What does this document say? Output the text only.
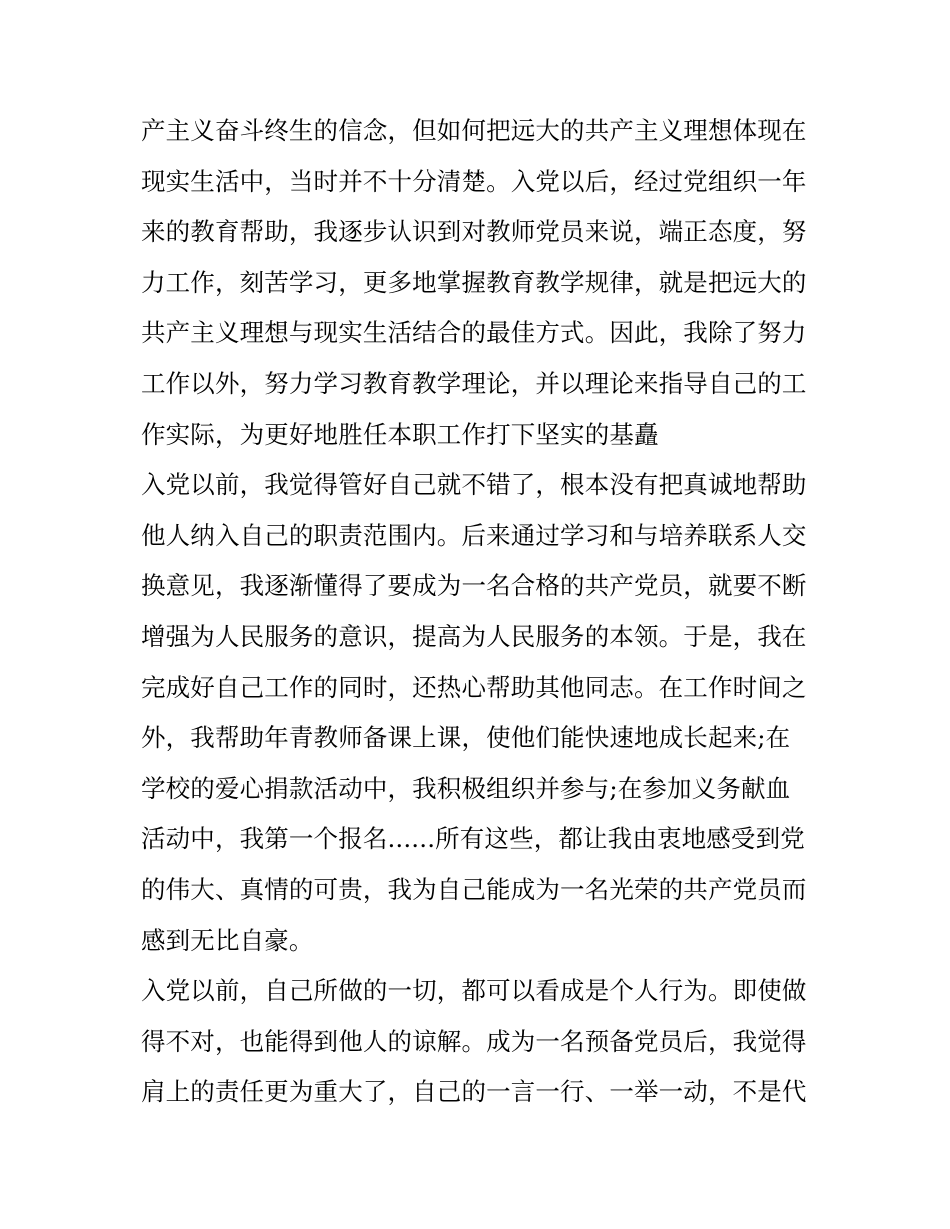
产主义奋斗终生的信念，但如何把远大的共产主义理想体现在
现实生活中，当时并不十分清楚。入党以后，经过党组织一年
来的教育帮助，我逐步认识到对教师党员来说，端正态度，努
力工作，刻苦学习，更多地掌握教育教学规律，就是把远大的
共产主义理想与现实生活结合的最佳方式。因此，我除了努力
工作以外，努力学习教育教学理论，并以理论来指导自己的工
作实际，为更好地胜任本职工作打下坚实的基矗
入党以前，我觉得管好自己就不错了，根本没有把真诚地帮助
他人纳入自己的职责范围内。后来通过学习和与培养联系人交
换意见，我逐渐懂得了要成为一名合格的共产党员，就要不断
增强为人民服务的意识，提高为人民服务的本领。于是，我在
完成好自己工作的同时，还热心帮助其他同志。在工作时间之
外，我帮助年青教师备课上课，使他们能快速地成长起来;在
学校的爱心捐款活动中，我积极组织并参与;在参加义务献血
活动中，我第一个报名......所有这些，都让我由衷地感受到党
的伟大、真情的可贵，我为自己能成为一名光荣的共产党员而
感到无比自豪。
入党以前，自己所做的一切，都可以看成是个人行为。即使做
得不对，也能得到他人的谅解。成为一名预备党员后，我觉得
肩上的责任更为重大了，自己的一言一行、一举一动，不是代
